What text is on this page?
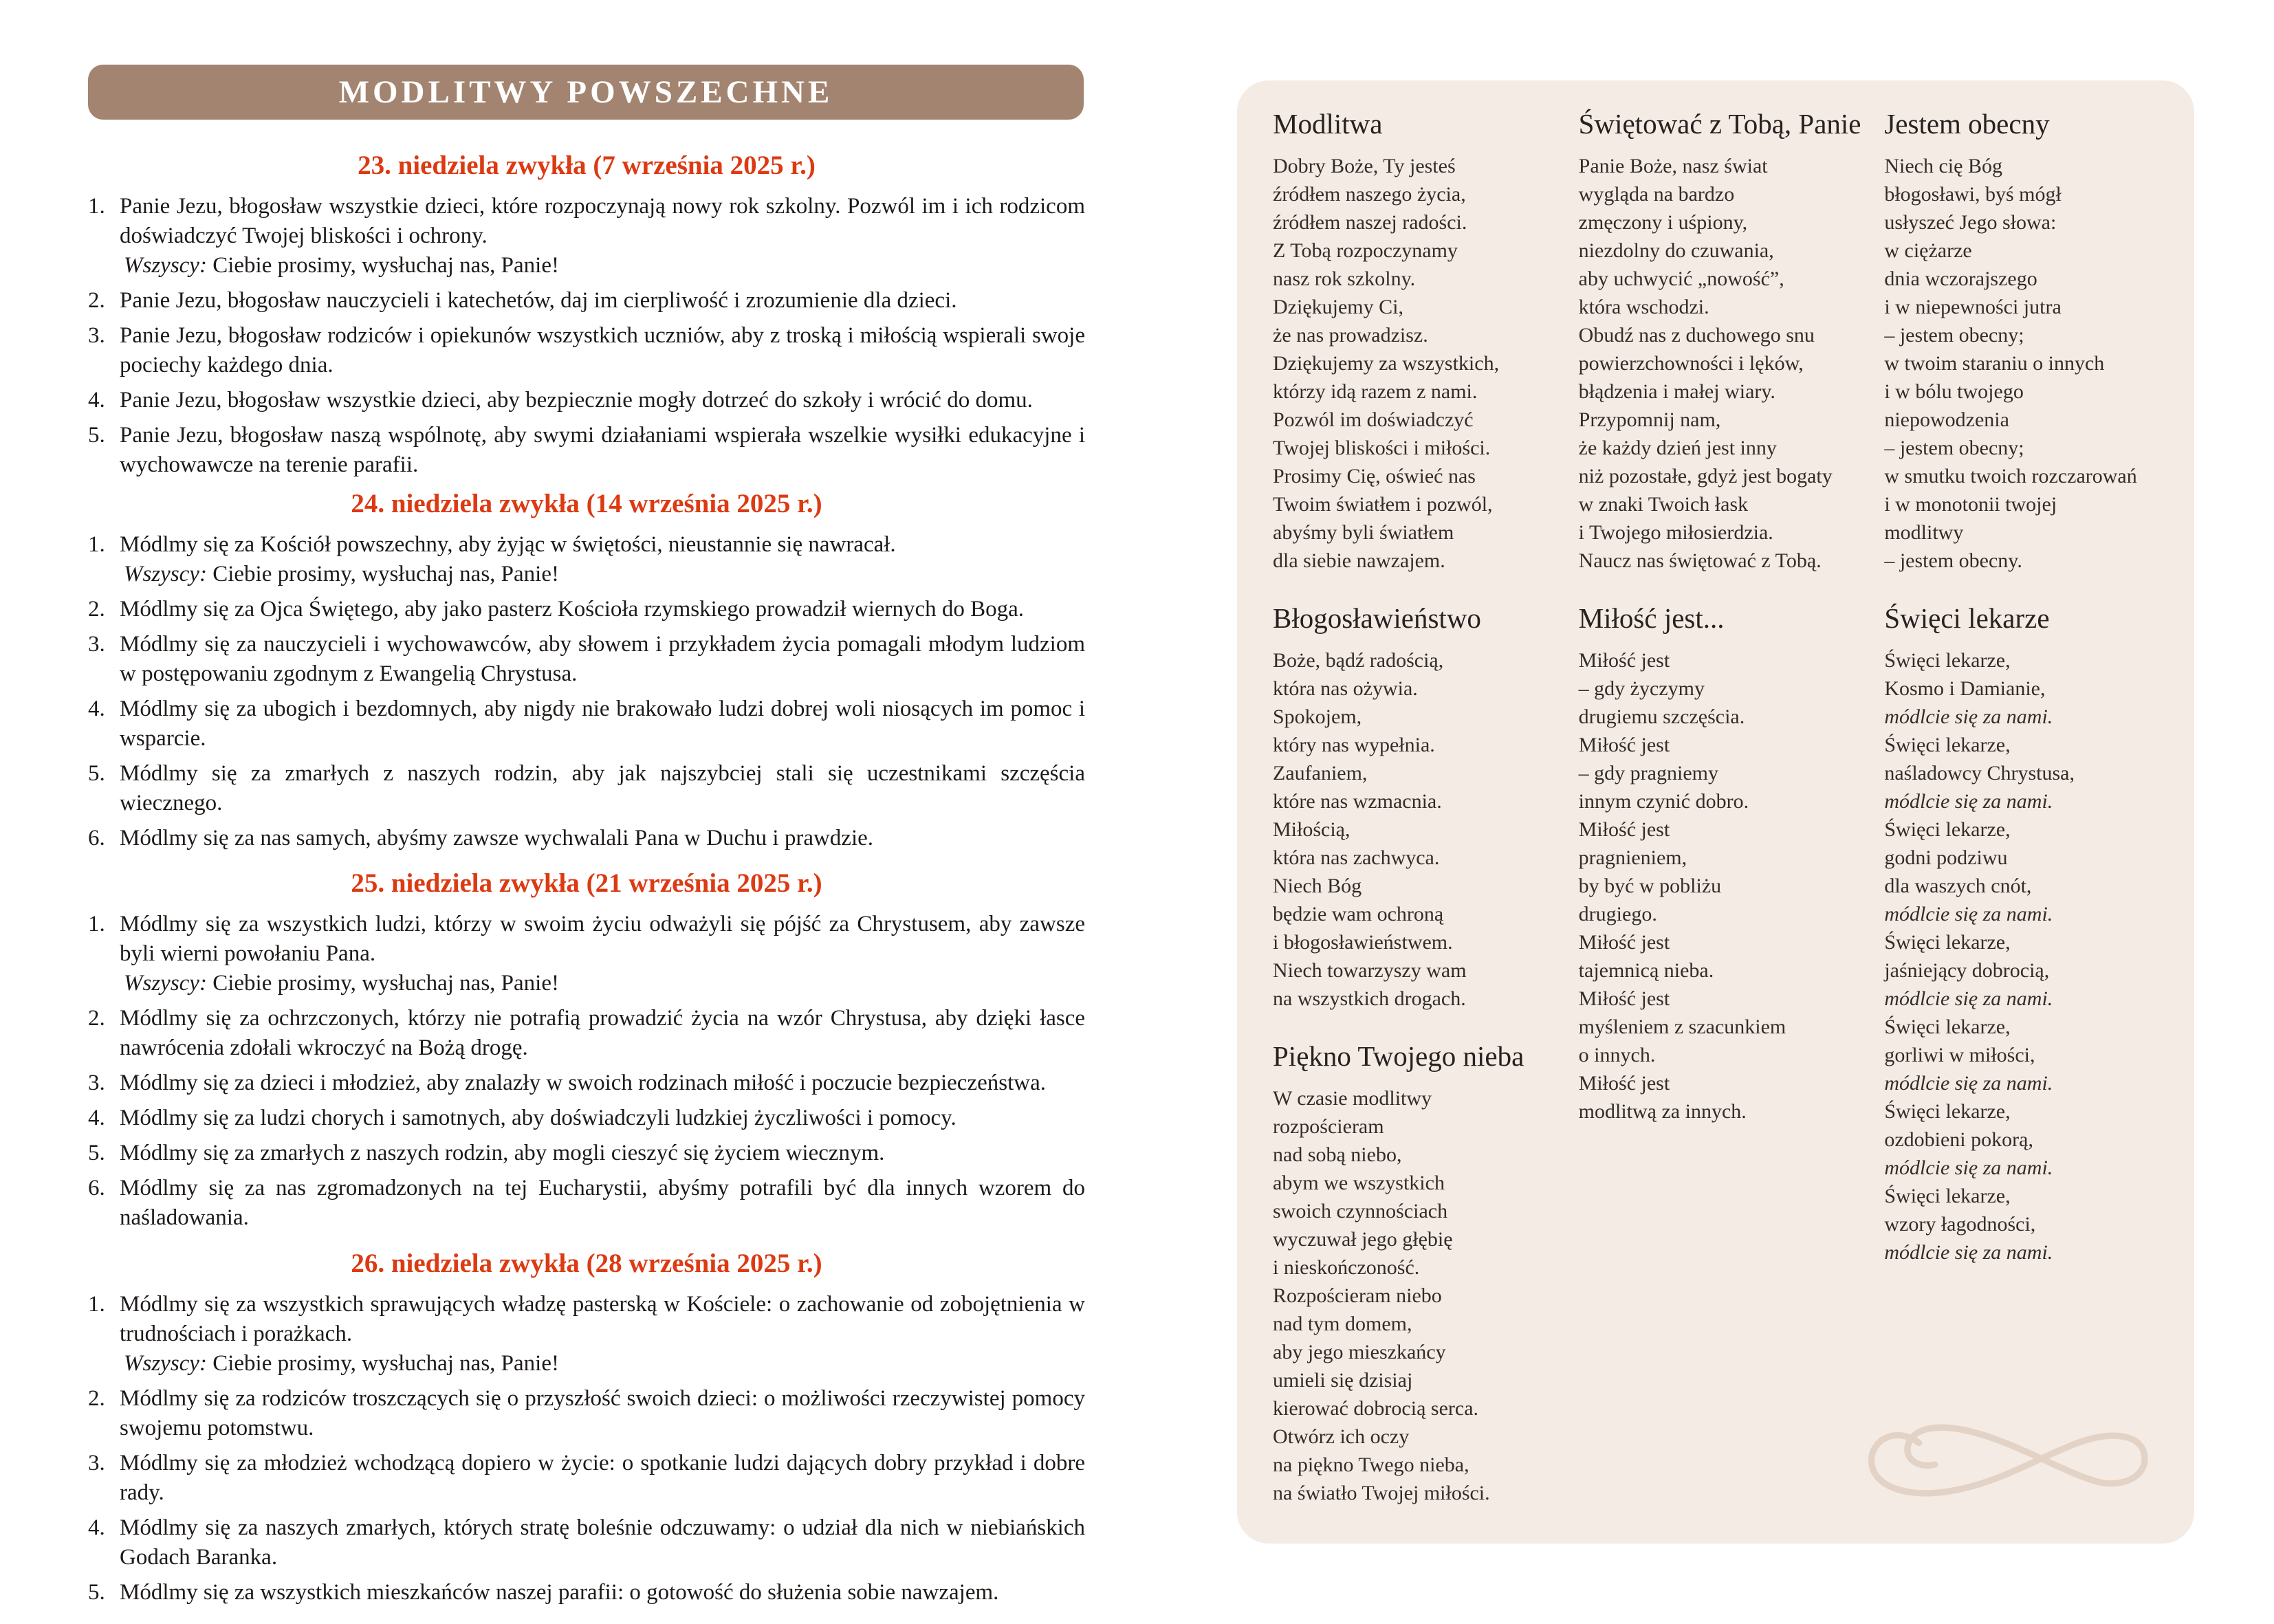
MODLITWY POWSZECHNE
23. niedziela zwykła (7 września 2025 r.)
1. Panie Jezu, błogosław wszystkie dzieci, które rozpoczynają nowy rok szkolny. Pozwól im i ich rodzicom doświadczyć Twojej bliskości i ochrony.
Wszyscy: Ciebie prosimy, wysłuchaj nas, Panie!
2. Panie Jezu, błogosław nauczycieli i katechetów, daj im cierpliwość i zrozumienie dla dzieci.
3. Panie Jezu, błogosław rodziców i opiekunów wszystkich uczniów, aby z troską i miłością wspierali swoje pociechy każdego dnia.
4. Panie Jezu, błogosław wszystkie dzieci, aby bezpiecznie mogły dotrzeć do szkoły i wrócić do domu.
5. Panie Jezu, błogosław naszą wspólnotę, aby swymi działaniami wspierała wszelkie wysiłki edukacyjne i wychowawcze na terenie parafii.
24. niedziela zwykła (14 września 2025 r.)
1. Módlmy się za Kościół powszechny, aby żyjąc w świętości, nieustannie się nawracał.
Wszyscy: Ciebie prosimy, wysłuchaj nas, Panie!
2. Módlmy się za Ojca Świętego, aby jako pasterz Kościoła rzymskiego prowadził wiernych do Boga.
3. Módlmy się za nauczycieli i wychowawców, aby słowem i przykładem życia pomagali młodym ludziom w postępowaniu zgodnym z Ewangelią Chrystusa.
4. Módlmy się za ubogich i bezdomnych, aby nigdy nie brakowało ludzi dobrej woli niosących im pomoc i wsparcie.
5. Módlmy się za zmarłych z naszych rodzin, aby jak najszybciej stali się uczestnikami szczęścia wiecznego.
6. Módlmy się za nas samych, abyśmy zawsze wychwalali Pana w Duchu i prawdzie.
25. niedziela zwykła (21 września 2025 r.)
1. Módlmy się za wszystkich ludzi, którzy w swoim życiu odważyli się pójść za Chrystusem, aby zawsze byli wierni powołaniu Pana.
Wszyscy: Ciebie prosimy, wysłuchaj nas, Panie!
2. Módlmy się za ochrzczonych, którzy nie potrafią prowadzić życia na wzór Chrystusa, aby dzięki łasce nawrócenia zdołali wkroczyć na Bożą drogę.
3. Módlmy się za dzieci i młodzież, aby znalazły w swoich rodzinach miłość i poczucie bezpieczeństwa.
4. Módlmy się za ludzi chorych i samotnych, aby doświadczyli ludzkiej życzliwości i pomocy.
5. Módlmy się za zmarłych z naszych rodzin, aby mogli cieszyć się życiem wiecznym.
6. Módlmy się za nas zgromadzonych na tej Eucharystii, abyśmy potrafili być dla innych wzorem do naśladowania.
26. niedziela zwykła (28 września 2025 r.)
1. Módlmy się za wszystkich sprawujących władzę pasterską w Kościele: o zachowanie od zobojętnienia w trudnościach i porażkach.
Wszyscy: Ciebie prosimy, wysłuchaj nas, Panie!
2. Módlmy się za rodziców troszczących się o przyszłość swoich dzieci: o możliwości rzeczywistej pomocy swojemu potomstwu.
3. Módlmy się za młodzież wchodzącą dopiero w życie: o spotkanie ludzi dających dobry przykład i dobre rady.
4. Módlmy się za naszych zmarłych, których stratę boleśnie odczuwamy: o udział dla nich w niebiańskich Godach Baranka.
5. Módlmy się za wszystkich mieszkańców naszej parafii: o gotowość do służenia sobie nawzajem.
Modlitwa
Dobry Boże, Ty jesteś
źródłem naszego życia,
źródłem naszej radości.
Z Tobą rozpoczynamy
nasz rok szkolny.
Dziękujemy Ci,
że nas prowadzisz.
Dziękujemy za wszystkich,
którzy idą razem z nami.
Pozwól im doświadczyć
Twojej bliskości i miłości.
Prosimy Cię, oświeć nas
Twoim światłem i pozwól,
abyśmy byli światłem
dla siebie nawzajem.
Błogosławieństwo
Boże, bądź radością,
która nas ożywia.
Spokojem,
który nas wypełnia.
Zaufaniem,
które nas wzmacnia.
Miłością,
która nas zachwyca.
Niech Bóg
będzie wam ochroną
i błogosławieństwem.
Niech towarzyszy wam
na wszystkich drogach.
Piękno Twojego nieba
W czasie modlitwy
rozpościeram
nad sobą niebo,
abym we wszystkich
swoich czynnościach
wyczuwał jego głębię
i nieskończoność.
Rozpościeram niebo
nad tym domem,
aby jego mieszkańcy
umieli się dzisiaj
kierować dobrocią serca.
Otwórz ich oczy
na piękno Twego nieba,
na światło Twojej miłości.
Świętować z Tobą, Panie
Panie Boże, nasz świat
wygląda na bardzo
zmęczony i uśpiony,
niezdolny do czuwania,
aby uchwycić „nowość”,
która wschodzi.
Obudź nas z duchowego snu
powierzchowności i lęków,
błądzenia i małej wiary.
Przypomnij nam,
że każdy dzień jest inny
niż pozostałe, gdyż jest bogaty
w znaki Twoich łask
i Twojego miłosierdzia.
Naucz nas świętować z Tobą.
Miłość jest...
Miłość jest
– gdy życzymy
drugiemu szczęścia.
Miłość jest
– gdy pragniemy
innym czynić dobro.
Miłość jest
pragnieniem,
by być w pobliżu
drugiego.
Miłość jest
tajemnicą nieba.
Miłość jest
myśleniem z szacunkiem
o innych.
Miłość jest
modlitwą za innych.
Jestem obecny
Niech cię Bóg
błogosławi, byś mógł
usłyszeć Jego słowa:
w ciężarze
dnia wczorajszego
i w niepewności jutra
– jestem obecny;
w twoim staraniu o innych
i w bólu twojego
niepowodzenia
– jestem obecny;
w smutku twoich rozczarowań
i w monotonii twojej
modlitwy
– jestem obecny.
Święci lekarze
Święci lekarze,
Kosmo i Damianie,
módlcie się za nami.
Święci lekarze,
naśladowcy Chrystusa,
módlcie się za nami.
Święci lekarze,
godni podziwu
dla waszych cnót,
módlcie się za nami.
Święci lekarze,
jaśniejący dobrocią,
módlcie się za nami.
Święci lekarze,
gorliwi w miłości,
módlcie się za nami.
Święci lekarze,
ozdobieni pokorą,
módlcie się za nami.
Święci lekarze,
wzory łagodności,
módlcie się za nami.
